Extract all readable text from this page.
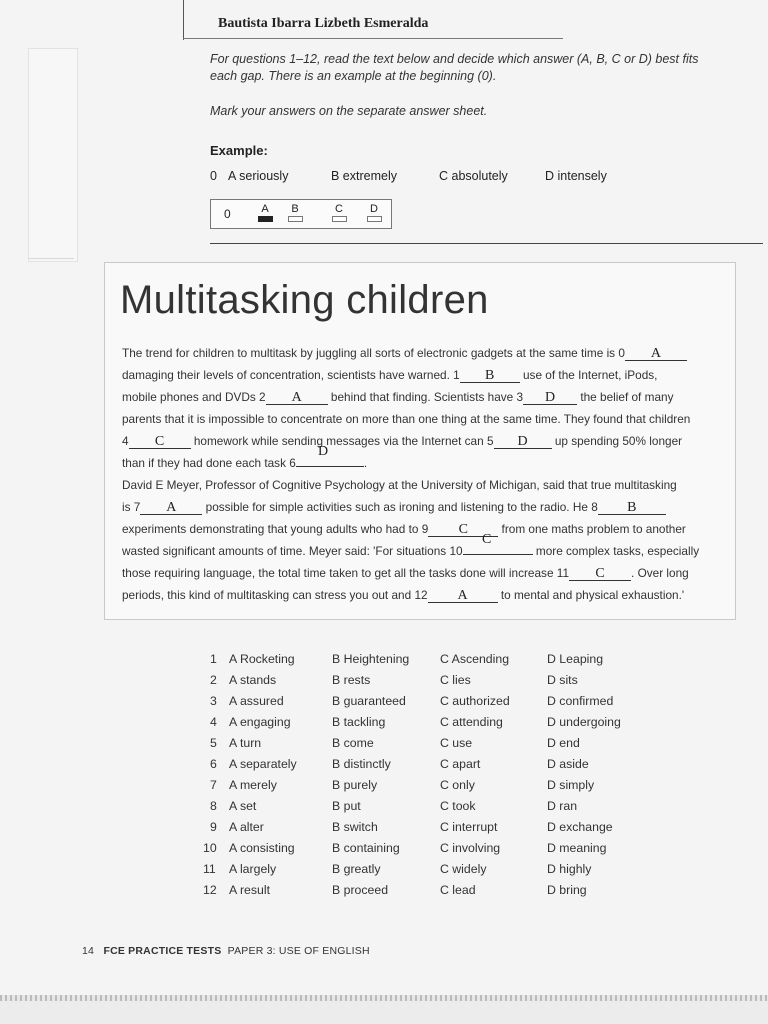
Bautista Ibarra Lizbeth Esmeralda

For questions 1–12, read the text below and decide which answer (A, B, C or D) best fits each gap. There is an example at the beginning (0).

Mark your answers on the separate answer sheet.

Example:
0 A seriously	B extremely	C absolutely	D intensely
0	A	B	C	D
Multitasking children
The trend for children to multitask by juggling all sorts of electronic gadgets at the same time is 0 A
damaging their levels of concentration, scientists have warned. 1 B use of the Internet, iPods,
mobile phones and DVDs 2 A behind that finding. Scientists have 3 D the belief of many
parents that it is impossible to concentrate on more than one thing at the same time. They found that children
4 C	homework while sending messages via the Internet can 5 D up spending 50% longer
D
than if they had done each task 6	.
David E Meyer, Professor of Cognitive Psychology at the University of Michigan, said that true multitasking
is 7 A possible for simple activities such as ironing and listening to the radio. He 8 B
experiments demonstrating that young adults who had to 9 C	from one maths problem to another
C
wasted significant amounts of time. Meyer said: 'For situations 10	more complex tasks, especially
those requiring language, the total time taken to get all the tasks done will increase 11 C . Over long
periods, this kind of multitasking can stress you out and 12 A	to mental and physical exhaustion.'
1 A Rocketing	B Heightening C Ascending	D Leaping
2 A stands	B rests	C lies	D sits
3 A assured	B guaranteed	C authorized	D confirmed
4 A engaging	B tackling	C attending	D undergoing
5 A turn	B come	C use	D end
6 A separately	B distinctly	C apart	D aside
7 A merely	B purely	C only	D simply
8 A set	B put	C took	D ran
9 A alter	B switch	C interrupt	D exchange
10 A consisting	B containing	C involving	D meaning
11 A largely	B greatly	C widely	D highly
12 A result	B proceed	C lead	D bring
14 FCE PRACTICE TESTS PAPER 3: USE OF ENGLISH
